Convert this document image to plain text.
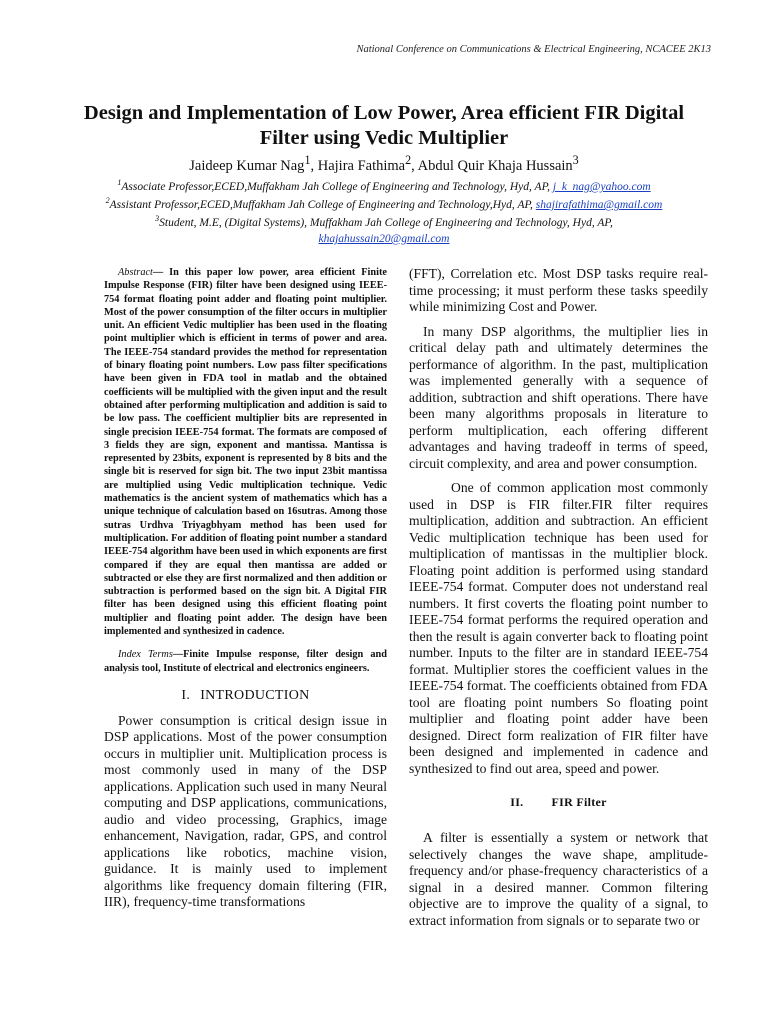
National Conference on Communications & Electrical Engineering, NCACEE 2K13
Design and Implementation of Low Power, Area efficient FIR Digital
Filter using Vedic Multiplier
Jaideep Kumar Nag$^1$, Hajira Fathima$^2$, Abdul Quir Khaja Hussain$^3$
$^1$Associate Professor,ECED,Muffakham Jah College of Engineering and Technology, Hyd, AP, j_k_nag@yahoo.com
$^2$Assistant Professor,ECED,Muffakham Jah College of Engineering and Technology,Hyd, AP, shajirafathima@gmail.com
$^3$Student, M.E, (Digital Systems), Muffakham Jah College of Engineering and Technology, Hyd, AP,
khajahussain20@gmail.com

Abstract— In this paper low power, area efficient Finite Impulse Response (FIR) filter have been designed using IEEE-754 format floating point adder and floating point multiplier. Most of the power consumption of the filter occurs in multiplier unit. An efficient Vedic multiplier has been used in the floating point multiplier which is efficient in terms of power and area. The IEEE-754 standard provides the method for representation of binary floating point numbers. Low pass filter specifications have been given in FDA tool in matlab and the obtained coefficients will be multiplied with the given input and the result obtained after performing multiplication and addition is said to be low pass. The coefficient multiplier bits are represented in single precision IEEE-754 format. The formats are composed of 3 fields they are sign, exponent and mantissa. Mantissa is represented by 23bits, exponent is represented by 8 bits and the single bit is reserved for sign bit. The two input 23bit mantissa are multiplied using Vedic multiplication technique. Vedic mathematics is the ancient system of mathematics which has a unique technique of calculation based on 16sutras. Among those sutras Urdhva Triyagbhyam method has been used for multiplication. For addition of floating point number a standard IEEE-754 algorithm have been used in which exponents are first compared if they are equal then mantissa are added or subtracted or else they are first normalized and then addition or subtraction is performed based on the sign bit. A Digital FIR filter has been designed using this efficient floating point multiplier and floating point adder. The design have been implemented and synthesized in cadence.

Index Terms—Finite Impulse response, filter design and analysis tool, Institute of electrical and electronics engineers.

I. INTRODUCTION

Power consumption is critical design issue in DSP applications. Most of the power consumption occurs in multiplier unit. Multiplication process is most commonly used in many of the DSP applications. Application such used in many Neural computing and DSP applications, communications, audio and video processing, Graphics, image enhancement, Navigation, radar, GPS, and control applications like robotics, machine vision, guidance. It is mainly used to implement algorithms like frequency domain filtering (FIR, IIR), frequency-time transformations

(FFT), Correlation etc. Most DSP tasks require real-time processing; it must perform these tasks speedily while minimizing Cost and Power.

In many DSP algorithms, the multiplier lies in critical delay path and ultimately determines the performance of algorithm. In the past, multiplication was implemented generally with a sequence of addition, subtraction and shift operations. There have been many algorithms proposals in literature to perform multiplication, each offering different advantages and having tradeoff in terms of speed, circuit complexity, and area and power consumption.

One of common application most commonly used in DSP is FIR filter.FIR filter requires multiplication, addition and subtraction. An efficient Vedic multiplication technique has been used for multiplication of mantissas in the multiplier block. Floating point addition is performed using standard IEEE-754 format. Computer does not understand real numbers. It first coverts the floating point number to IEEE-754 format performs the required operation and then the result is again converter back to floating point number. Inputs to the filter are in standard IEEE-754 format. Multiplier stores the coefficient values in the IEEE-754 format. The coefficients obtained from FDA tool are floating point numbers So floating point multiplier and floating point adder have been designed. Direct form realization of FIR filter have been designed and implemented in cadence and synthesized to find out area, speed and power.

II. FIR Filter

A filter is essentially a system or network that selectively changes the wave shape, amplitude-frequency and/or phase-frequency characteristics of a signal in a desired manner. Common filtering objective are to improve the quality of a signal, to extract information from signals or to separate two or
